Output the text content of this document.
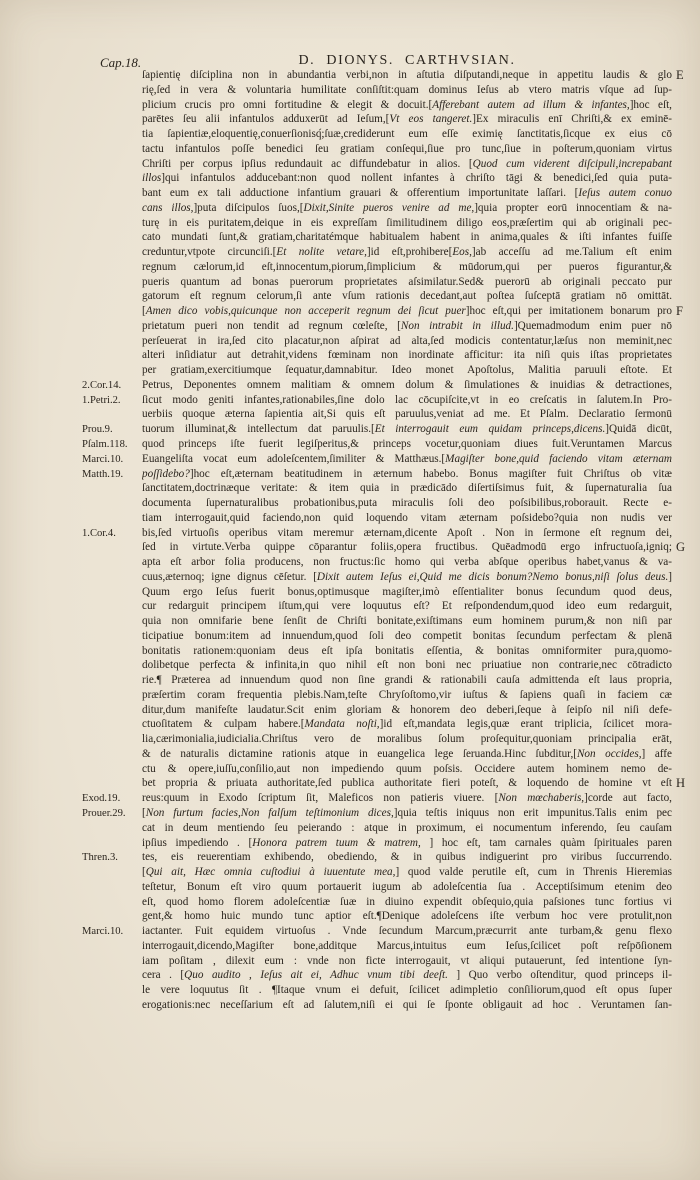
Cap.18.	D. DIONYS. CARTHVSIAN.
ſapientię diſciplina non in abundantia verbi,non in aſtutia diſputandi,neque in appetitu laudis & glo E
rię,ſed in vera & voluntaria humilitate conſiſtit:quam dominus Ieſus ab vtero matris vſque ad ſup-
plicium crucis pro omni fortitudine & elegit & docuit.[Afferebant autem ad illum & infantes,]hoc eſt,
parētes ſeu alii infantulos adduxerūt ad Ieſum,[Vt eos tangeret.]Ex miraculis enī Chriſti,& ex eminē-
tia ſapientiæ,eloquentię,conuerſionisq́;ſuæ,crediderunt eum eſſe eximię ſanctitatis,ſicque ex eius cō
tactu infantulos poſſe benedici ſeu gratiam conſequi,ſiue pro tunc,ſiue in poſterum,quoniam virtus
Chriſti per corpus ipſius redundauit ac diffundebatur in alios. [Quod cum viderent diſcipuli,increpabant
illos]qui infantulos adducebant:non quod nollent infantes à chriſto tāgi & benedici,ſed quia puta-
bant eum ex tali adductione infantium grauari & offerentium importunitate laſſari. [Ieſus autem conuo
cans illos,]puta diſcipulos ſuos,[Dixit,Sinite pueros venire ad me,]quia propter eorū innocentiam & na-
turę in eis puritatem,deique in eis expreſſam ſimilitudinem diligo eos,præſertim qui ab originali pec-
cato mundati ſunt,& gratiam,charitatémque habitualem habent in anima,quales & iſti infantes fuiſſe
creduntur,vtpote circunciſi.[Et nolite vetare,]id eſt,prohibere[Eos,]ab acceſſu ad me.Talium eſt enim
regnum cælorum,id eſt,innocentum,piorum,ſimplicium & mūdorum,qui per pueros figurantur,&
pueris quantum ad bonas puerorum proprietates aſsimilatur.Sed& puerorū ab originali peccato pur
gatorum eſt regnum celorum,ſi ante vſum rationis decedant,aut poſtea ſuſceptā gratiam nō omittāt.
[Amen dico vobis,quicunque non acceperit regnum dei ſicut puer]hoc eſt,qui per imitationem bonarum pro F
prietatum pueri non tendit ad regnum cœleſte, [Non intrabit in illud.]Quemadmodum enim puer nō
perſeuerat in ira,ſed cito placatur,non aſpirat ad alta,ſed modicis contentatur,læſus non meminit,nec
alteri inſidiatur aut detrahit,videns fœminam non inordinate afficitur: ita niſi quis iſtas proprietates
per gratiam,exercitiumque ſequatur,damnabitur. Ideo monet Apoſtolus, Malitia paruuli eſtote. Et
Petrus, Deponentes omnem malitiam & omnem dolum & ſimulationes & inuidias & detractiones,
2.Cor.14.
ſicut modo geniti infantes,rationabiles,ſine dolo lac cōcupiſcite,vt in eo creſcatis in ſalutem.In Pro-
1.Petri.2.
uerbiis quoque æterna ſapientia ait,Si quis eſt paruulus,veniat ad me. Et Pſalm. Declaratio ſermonū
tuorum illuminat,& intellectum dat paruulis.[Et interrogauit eum quidam princeps,dicens.]Quidā dicūt,
Prou.9.
quod princeps iſte fuerit legiſperitus,& princeps vocetur,quoniam diues fuit.Veruntamen Marcus
Pſalm.118.
Euangeliſta vocat eum adoleſcentem,ſimiliter & Matthæus.[Magiſter bone,quid faciendo vitam æternam
Marci.10.
poſſidebo?]hoc eſt,æternam beatitudinem in æternum habebo. Bonus magiſter fuit Chriſtus ob vitæ
Matth.19.
ſanctitatem,doctrinæque veritate: & item quia in prædicādo diſertiſsimus fuit, & ſupernaturalia ſua
documenta ſupernaturalibus probationibus,puta miraculis ſoli deo poſsibilibus,roborauit. Recte e-
tiam interrogauit,quid faciendo,non quid loquendo vitam æternam poſsidebo?quia non nudis ver
bis,ſed virtuoſis operibus vitam meremur æternam,dicente Apoſt . Non in ſermone eſt regnum dei,
1.Cor.4.
ſed in virtute.Verba quippe cōparantur foliis,opera fructibus. Quēadmodū ergo infructuoſa,igniq; G
apta eſt arbor folia producens, non fructus:ſic homo qui verba abſque operibus habet,vanus & va-
cuus,æternoq; igne dignus cēſetur. [Dixit autem Ieſus ei,Quid me dicis bonum?Nemo bonus,niſi ſolus deus.]
Quum ergo Ieſus fuerit bonus,optimusque magiſter,imò eſſentialiter bonus ſecundum quod deus,
cur redarguit principem iſtum,qui vere loquutus eſt? Et reſpondendum,quod ideo eum redarguit,
quia non omnifarie bene ſenſit de Chriſti bonitate,exiſtimans eum hominem purum,& non niſi par
ticipatiue bonum:item ad innuendum,quod ſoli deo competit bonitas ſecundum perfectam & plenā
bonitatis rationem:quoniam deus eſt ipſa bonitatis eſſentia, & bonitas omniformiter pura,quomo-
dolibetque perfecta & infinita,in quo nihil eſt non boni nec priuatiue non contrarie,nec cōtradicto
rie.¶ Præterea ad innuendum quod non ſine grandi & rationabili cauſa admittenda eſt laus propria,
præſertim coram frequentia plebis.Nam,teſte Chryſoſtomo,vir iuſtus & ſapiens quaſi in faciem cæ
ditur,dum manifeſte laudatur.Scit enim gloriam & honorem deo deberi,ſeque à ſeipſo nil niſi defe-
ctuoſitatem & culpam habere.[Mandata noſti,]id eſt,mandata legis,quæ erant triplicia, ſcilicet mora-
lia,cærimonialia,iudicialia.Chriſtus vero de moralibus ſolum proſequitur,quoniam principalia erāt,
& de naturalis dictamine rationis atque in euangelica lege ſeruanda.Hinc ſubditur,[Non occides,] affe
ctu & opere,iuſſu,conſilio,aut non impediendo quum poſsis. Occidere autem hominem nemo de-
bet propria & priuata authoritate,ſed publica authoritate fieri poteſt, & loquendo de homine vt eſt H
reus:quum in Exodo ſcriptum ſit, Maleficos non patieris viuere. [Non mœchaberis,]corde aut facto,
Exod.19.
[Non furtum facies,Non falſum teſtimonium dices,]quia teſtis iniquus non erit impunitus.Talis enim pec
Prouer.29.
cat in deum mentiendo ſeu peierando : atque in proximum, ei nocumentum inferendo, ſeu cauſam
ipſius impediendo . [Honora patrem tuum & matrem, ] hoc eſt, tam carnales quàm ſpirituales paren
tes, eis reuerentiam exhibendo, obediendo, & in quibus indiguerint pro viribus ſuccurrendo.
Thren.3.
[Qui ait, Hæc omnia cuſtodiui à iuuentute mea,] quod valde perutile eſt, cum in Threnis Hieremias
teſtetur, Bonum eſt viro quum portauerit iugum ab adoleſcentia ſua . Acceptiſsimum etenim deo
eſt, quod homo florem adoleſcentiæ ſuæ in diuino expendit obſequio,quia paſsiones tunc fortius vi
gent,& homo huic mundo tunc aptior eſt.¶Denique adoleſcens iſte verbum hoc vere protulit,non
iactanter. Fuit equidem virtuoſus . Vnde ſecundum Marcum,præcurrit ante turbam,& genu flexo
Marci.10.
interrogauit,dicendo,Magiſter bone,additque Marcus,intuitus eum Ieſus,ſcilicet poſt reſpōſionem
iam poſitam , dilexit eum : vnde non ficte interrogauit, vt aliqui putauerunt, ſed intentione ſyn-
cera . [Quo audito , Ieſus ait ei, Adhuc vnum tibi deeſt. ] Quo verbo oſtenditur, quod princeps il-
le vere loquutus ſit . ¶Itaque vnum ei defuit, ſcilicet adimpletio conſiliorum,quod eſt opus ſuper
erogationis:nec neceſſarium eſt ad ſalutem,niſi ei qui ſe ſponte obligauit ad hoc . Veruntamen ſan-
